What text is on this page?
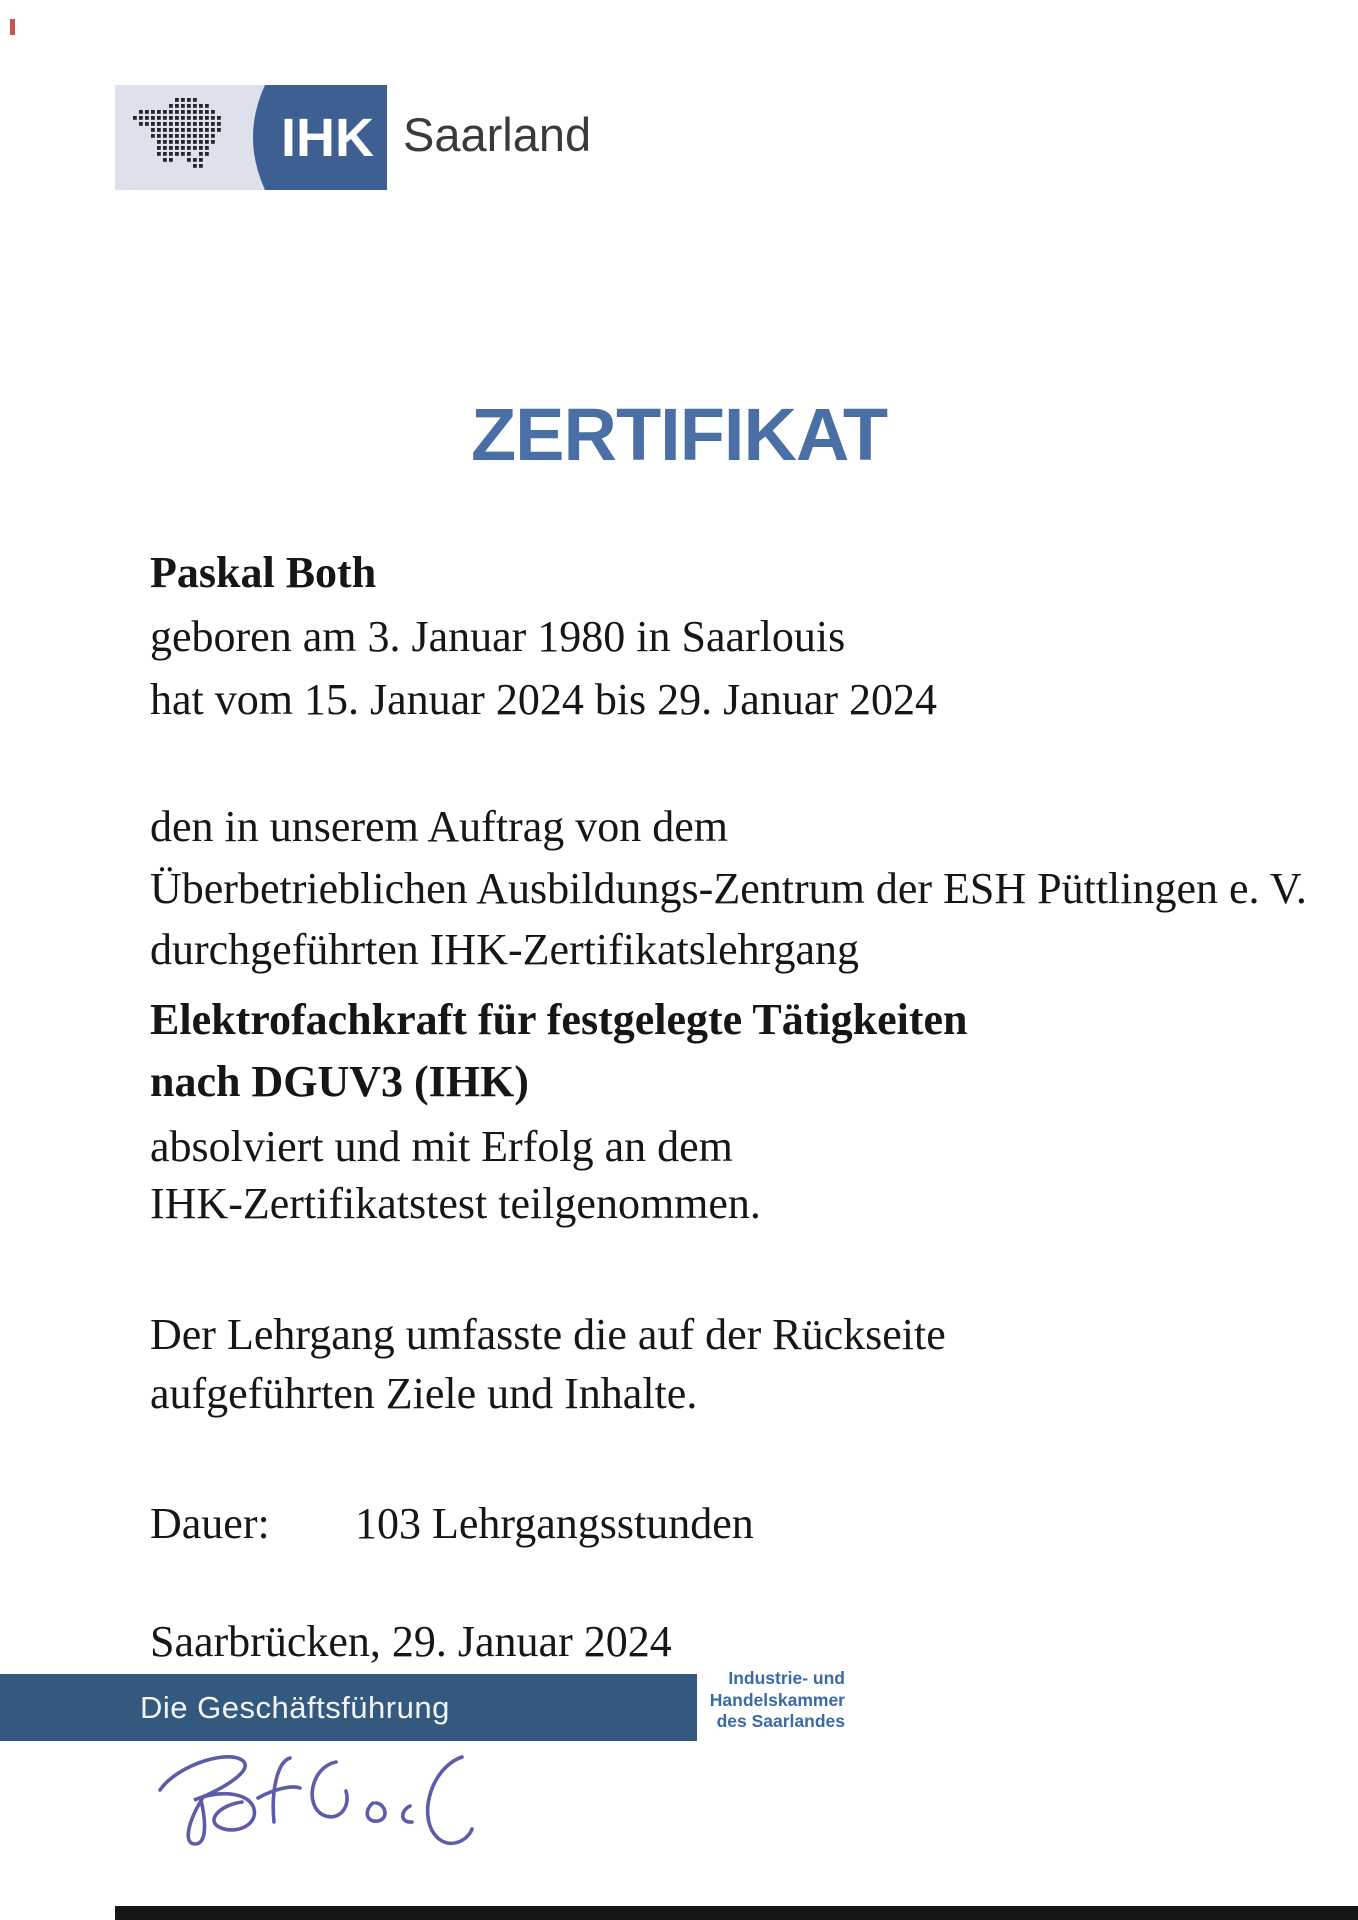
IHK Saarland
ZERTIFIKAT
Paskal Both
geboren am 3. Januar 1980 in Saarlouis
hat vom 15. Januar 2024 bis 29. Januar 2024
den in unserem Auftrag von dem
Überbetrieblichen Ausbildungs-Zentrum der ESH Püttlingen e. V.
durchgeführten IHK-Zertifikatslehrgang
Elektrofachkraft für festgelegte Tätigkeiten
nach DGUV3 (IHK)
absolviert und mit Erfolg an dem
IHK-Zertifikatstest teilgenommen.
Der Lehrgang umfasste die auf der Rückseite
aufgeführten Ziele und Inhalte.
Dauer: 103 Lehrgangsstunden
Saarbrücken, 29. Januar 2024
Die Geschäftsführung
Industrie- und
Handelskammer
des Saarlandes
